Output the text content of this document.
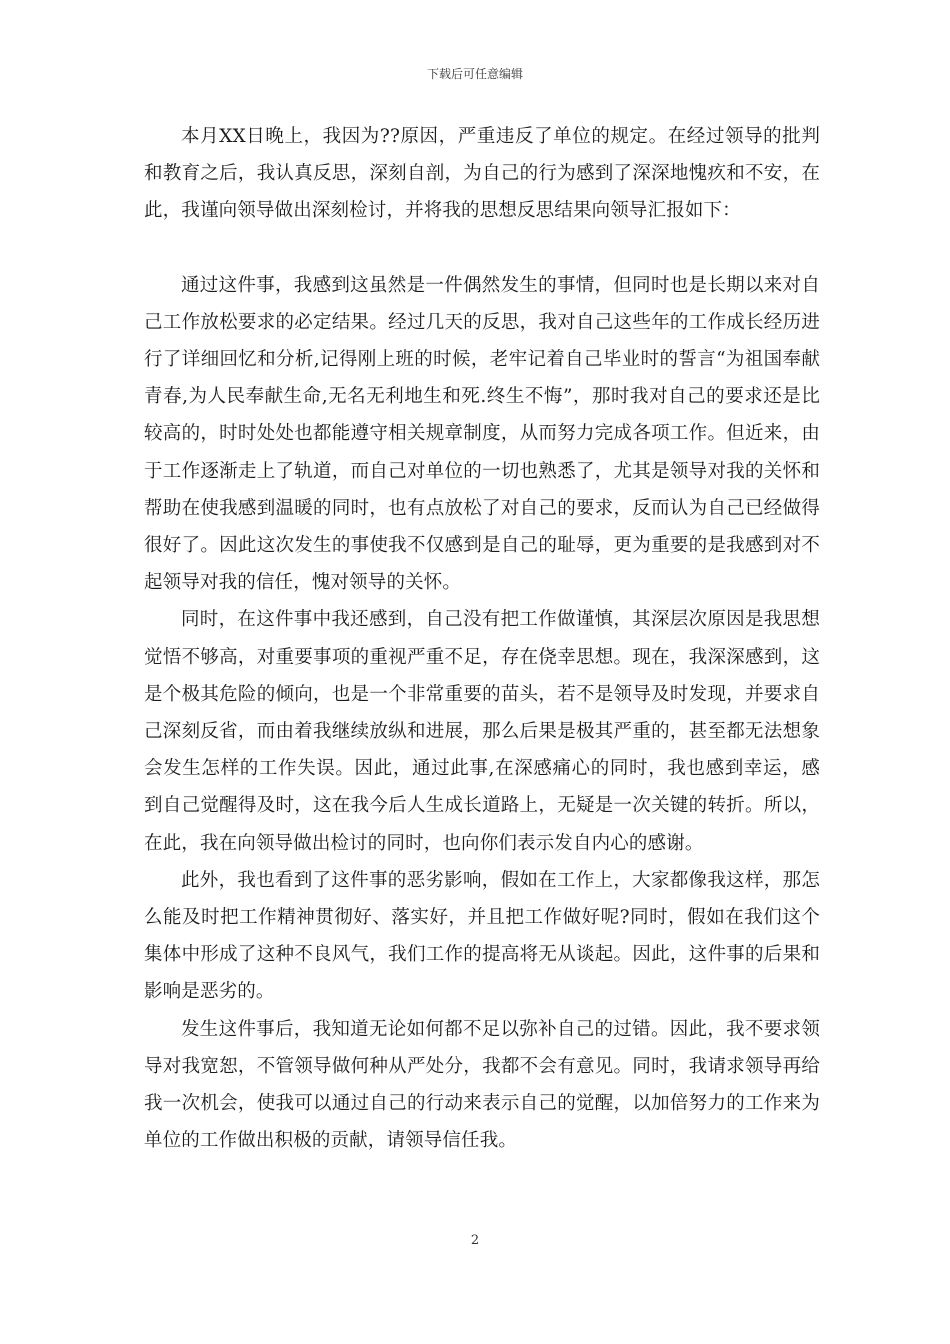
下载后可任意编辑

本月XX日晚上，我因为??原因，严重违反了单位的规定。在经过领导的批判和教育之后，我认真反思，深刻自剖，为自己的行为感到了深深地愧疚和不安，在此，我谨向领导做出深刻检讨，并将我的思想反思结果向领导汇报如下：

通过这件事，我感到这虽然是一件偶然发生的事情，但同时也是长期以来对自己工作放松要求的必定结果。经过几天的反思，我对自己这些年的工作成长经历进行了详细回忆和分析,记得刚上班的时候，老牢记着自己毕业时的誓言“为祖国奉献青春,为人民奉献生命,无名无利地生和死.终生不悔”，那时我对自己的要求还是比较高的，时时处处也都能遵守相关规章制度，从而努力完成各项工作。但近来，由于工作逐渐走上了轨道，而自己对单位的一切也熟悉了，尤其是领导对我的关怀和帮助在使我感到温暖的同时，也有点放松了对自己的要求，反而认为自己已经做得很好了。因此这次发生的事使我不仅感到是自己的耻辱，更为重要的是我感到对不起领导对我的信任，愧对领导的关怀。

同时，在这件事中我还感到，自己没有把工作做谨慎，其深层次原因是我思想觉悟不够高，对重要事项的重视严重不足，存在侥幸思想。现在，我深深感到，这是个极其危险的倾向，也是一个非常重要的苗头，若不是领导及时发现，并要求自己深刻反省，而由着我继续放纵和进展，那么后果是极其严重的，甚至都无法想象会发生怎样的工作失误。因此，通过此事,在深感痛心的同时，我也感到幸运，感到自己觉醒得及时，这在我今后人生成长道路上，无疑是一次关键的转折。所以，在此，我在向领导做出检讨的同时，也向你们表示发自内心的感谢。

此外，我也看到了这件事的恶劣影响，假如在工作上，大家都像我这样，那怎么能及时把工作精神贯彻好、落实好，并且把工作做好呢?同时，假如在我们这个集体中形成了这种不良风气，我们工作的提高将无从谈起。因此，这件事的后果和影响是恶劣的。

发生这件事后，我知道无论如何都不足以弥补自己的过错。因此，我不要求领导对我宽恕，不管领导做何种从严处分，我都不会有意见。同时，我请求领导再给我一次机会，使我可以通过自己的行动来表示自己的觉醒，以加倍努力的工作来为单位的工作做出积极的贡献，请领导信任我。

2
